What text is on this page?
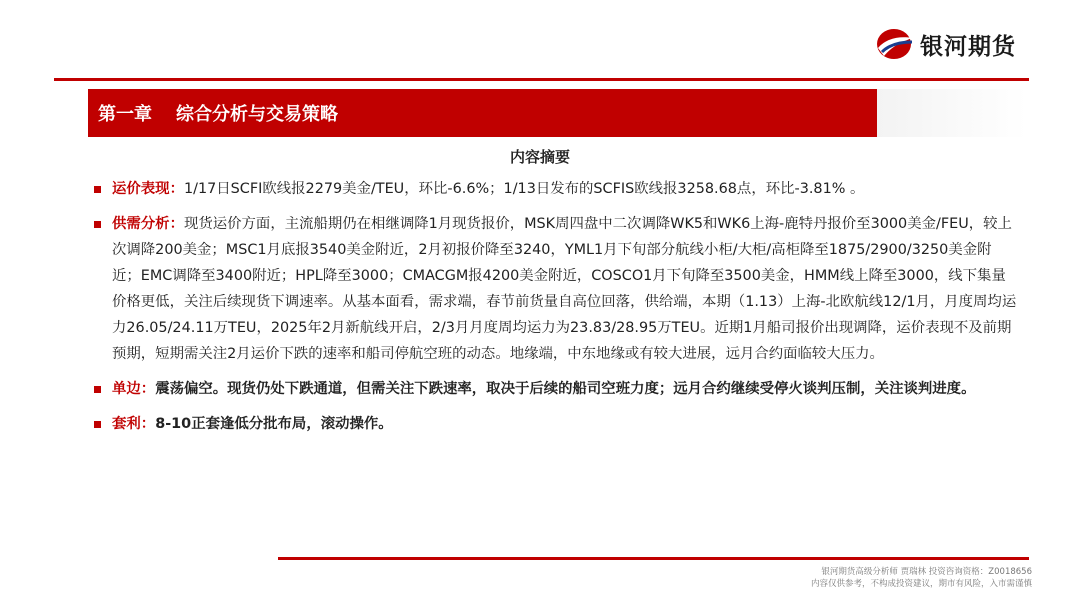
银河期货
第一章 综合分析与交易策略
内容摘要
运价表现：1/17日SCFI欧线报2279美金/TEU，环比-6.6%；1/13日发布的SCFIS欧线报3258.68点，环比-3.81% 。
供需分析：现货运价方面，主流船期仍在相继调降1月现货报价，MSK周四盘中二次调降WK5和WK6上海-鹿特丹报价至3000美金/FEU，较上次调降200美金；MSC1月底报3540美金附近，2月初报价降至3240，YML1月下旬部分航线小柜/大柜/高柜降至1875/2900/3250美金附近；EMC调降至3400附近；HPL降至3000；CMACGM报4200美金附近，COSCO1月下旬降至3500美金，HMM线上降至3000，线下集量价格更低，关注后续现货下调速率。从基本面看，需求端，春节前货量自高位回落，供给端，本期（1.13）上海-北欧航线12/1月，月度周均运力26.05/24.11万TEU，2025年2月新航线开启，2/3月月度周均运力为23.83/28.95万TEU。近期1月船司报价出现调降，运价表现不及前期预期，短期需关注2月运价下跌的速率和船司停航空班的动态。地缘端，中东地缘或有较大进展，远月合约面临较大压力。
单边：震荡偏空。现货仍处下跌通道，但需关注下跌速率，取决于后续的船司空班力度；远月合约继续受停火谈判压制，关注谈判进度。
套利：8-10正套逢低分批布局，滚动操作。
银河期货高级分析师 贾瑞林 投资咨询资格：Z0018656
内容仅供参考，不构成投资建议，期市有风险，入市需谨慎
